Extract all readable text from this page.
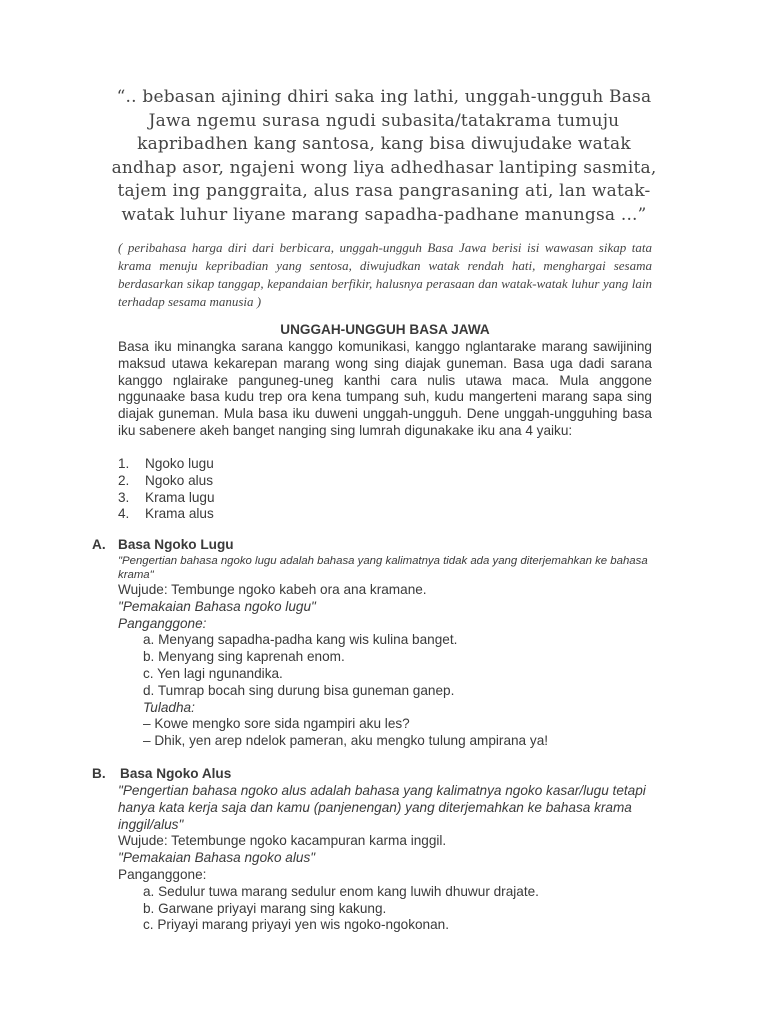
“.. bebasan ajining dhiri saka ing lathi, unggah-ungguh Basa
Jawa ngemu surasa ngudi subasita/tatakrama tumuju
kapribadhen kang santosa, kang bisa diwujudake watak
andhap asor, ngajeni wong liya adhedhasar lantiping sasmita,
tajem ing panggraita, alus rasa pangrasaning ati, lan watak-
watak luhur liyane marang sapadha-padhane manungsa ...”
( peribahasa harga diri dari berbicara, unggah-ungguh Basa Jawa berisi isi wawasan sikap tata krama menuju kepribadian yang sentosa, diwujudkan watak rendah hati, menghargai sesama berdasarkan sikap tanggap, kepandaian berfikir, halusnya perasaan dan watak-watak luhur yang lain terhadap sesama manusia )
UNGGAH-UNGGUH BASA JAWA
Basa iku minangka sarana kanggo komunikasi, kanggo nglantarake marang sawijining maksud utawa kekarepan marang wong sing diajak guneman. Basa uga dadi sarana kanggo nglairake panguneg-uneg kanthi cara nulis utawa maca. Mula anggone nggunaake basa kudu trep ora kena tumpang suh, kudu mangerteni marang sapa sing diajak guneman. Mula basa iku duweni unggah-ungguh. Dene unggah-ungguhing basa iku sabenere akeh banget nanging sing lumrah digunakake iku ana 4 yaiku:
1. Ngoko lugu
2. Ngoko alus
3. Krama lugu
4. Krama alus
A. Basa Ngoko Lugu
"Pengertian bahasa ngoko lugu adalah bahasa yang kalimatnya tidak ada yang diterjemahkan ke bahasa krama"
Wujude: Tembunge ngoko kabeh ora ana kramane.
"Pemakaian Bahasa ngoko lugu"
Panganggone:
a. Menyang sapadha-padha kang wis kulina banget.
b. Menyang sing kaprenah enom.
c. Yen lagi ngunandika.
d. Tumrap bocah sing durung bisa guneman ganep.
Tuladha:
– Kowe mengko sore sida ngampiri aku les?
– Dhik, yen arep ndelok pameran, aku mengko tulung ampirana ya!
B. Basa Ngoko Alus
"Pengertian bahasa ngoko alus adalah bahasa yang kalimatnya ngoko kasar/lugu tetapi hanya kata kerja saja dan kamu (panjenengan) yang diterjemahkan ke bahasa krama inggil/alus"
Wujude: Tetembunge ngoko kacampuran karma inggil.
"Pemakaian Bahasa ngoko alus"
Panganggone:
a. Sedulur tuwa marang sedulur enom kang luwih dhuwur drajate.
b. Garwane priyayi marang sing kakung.
c. Priyayi marang priyayi yen wis ngoko-ngokonan.
